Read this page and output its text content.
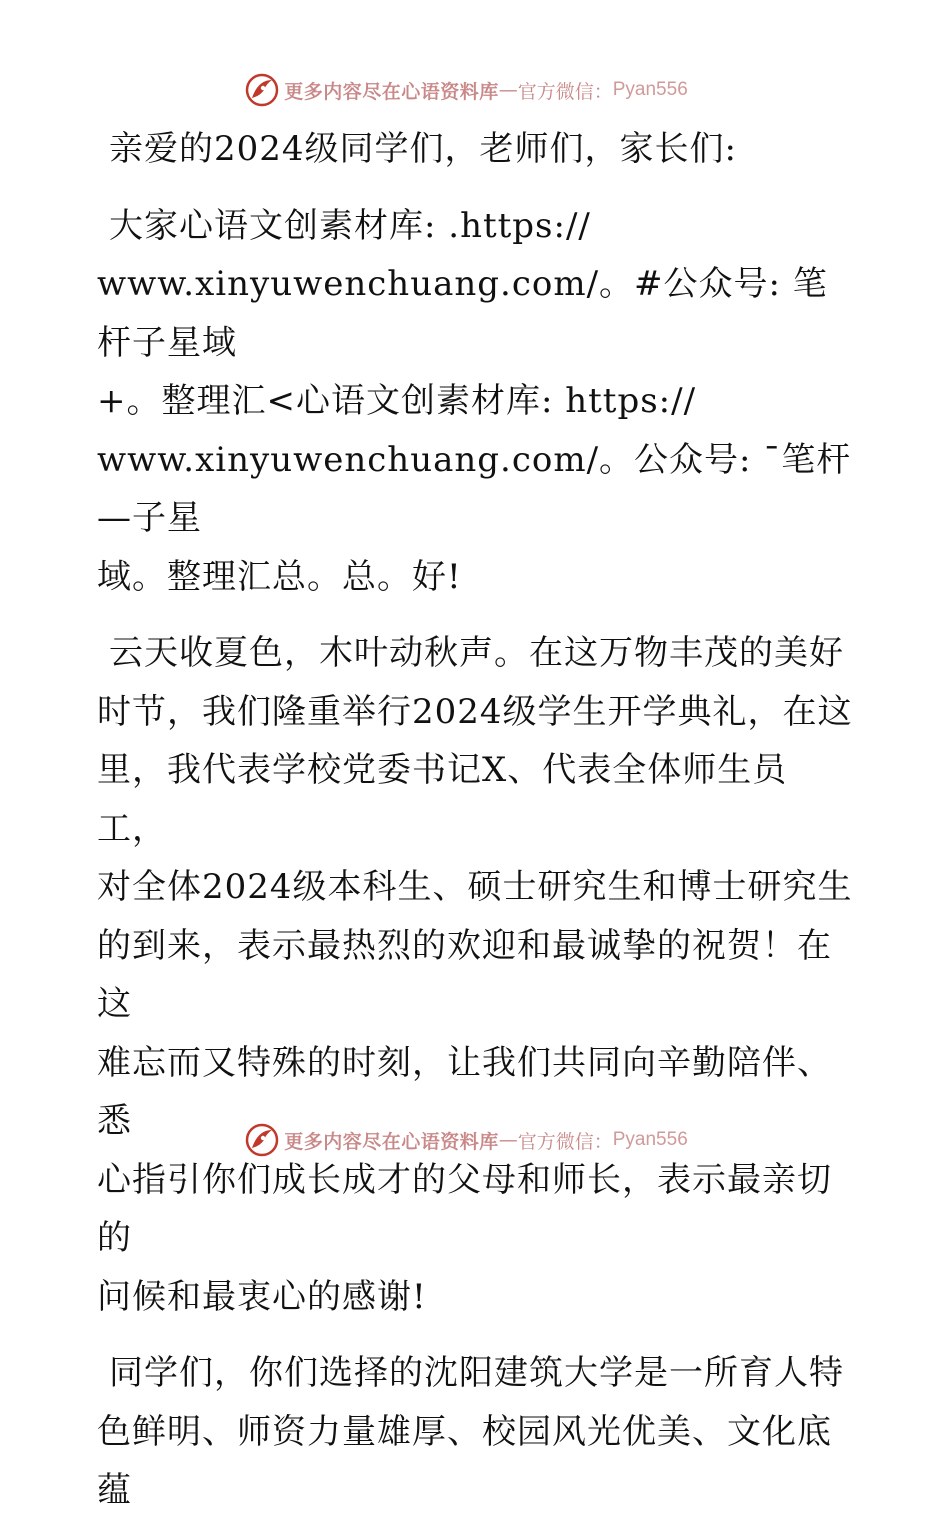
更多内容尽在心语资料库 — 官方微信： Pyan556

亲爱的2024级同学们，老师们，家长们:

大家心语文创素材库: .https://
www.xinyuwenchuang.com/。#公众号: 笔杆子星域
+。整理汇<心语文创素材库: https://
www.xinyuwenchuang.com/。公众号: ¯笔杆—子星
域。整理汇总。总。好!

云天收夏色，木叶动秋声。在这万物丰茂的美好
时节，我们隆重举行2024级学生开学典礼，在这
里，我代表学校党委书记X、代表全体师生员工，
对全体2024级本科生、硕士研究生和博士研究生
的到来，表示最热烈的欢迎和最诚挚的祝贺！在这
难忘而又特殊的时刻，让我们共同向辛勤陪伴、悉
心指引你们成长成才的父母和师长，表示最亲切的
问候和最衷心的感谢!

同学们，你们选择的沈阳建筑大学是一所育人特
色鲜明、师资力量雄厚、校园风光优美、文化底蕴

更多内容尽在心语资料库 — 官方微信： Pyan556
